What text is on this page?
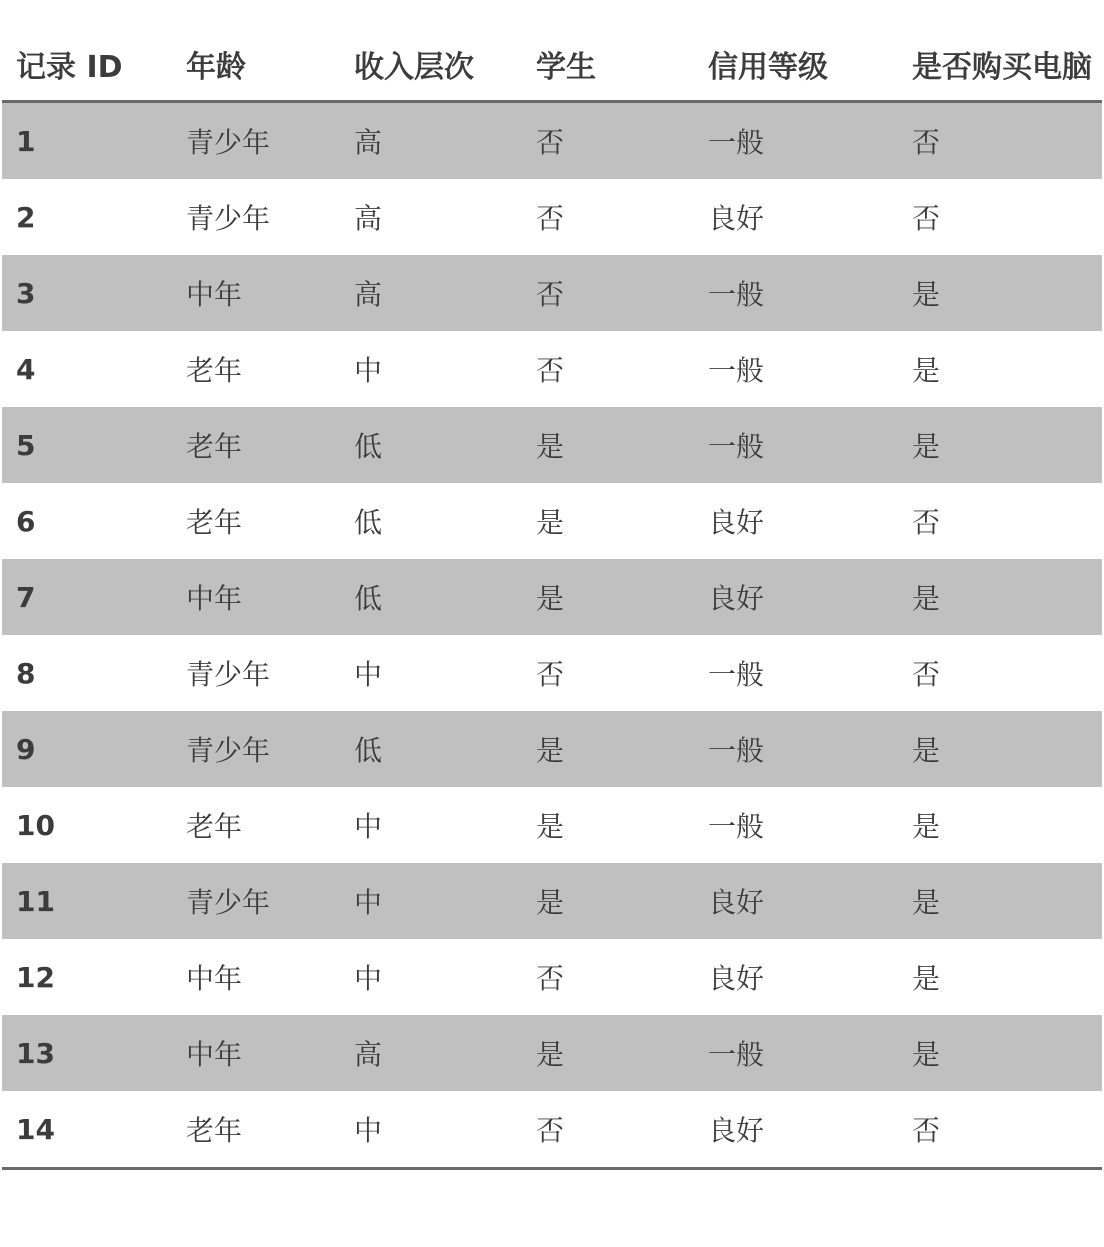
记录 ID	年龄	收入层次	学生	信用等级	是否购买电脑
1	青少年	高	否	一般	否
2	青少年	高	否	良好	否
3	中年	高	否	一般	是
4	老年	中	否	一般	是
5	老年	低	是	一般	是
6	老年	低	是	良好	否
7	中年	低	是	良好	是
8	青少年	中	否	一般	否
9	青少年	低	是	一般	是
10	老年	中	是	一般	是
11	青少年	中	是	良好	是
12	中年	中	否	良好	是
13	中年	高	是	一般	是
14	老年	中	否	良好	否
